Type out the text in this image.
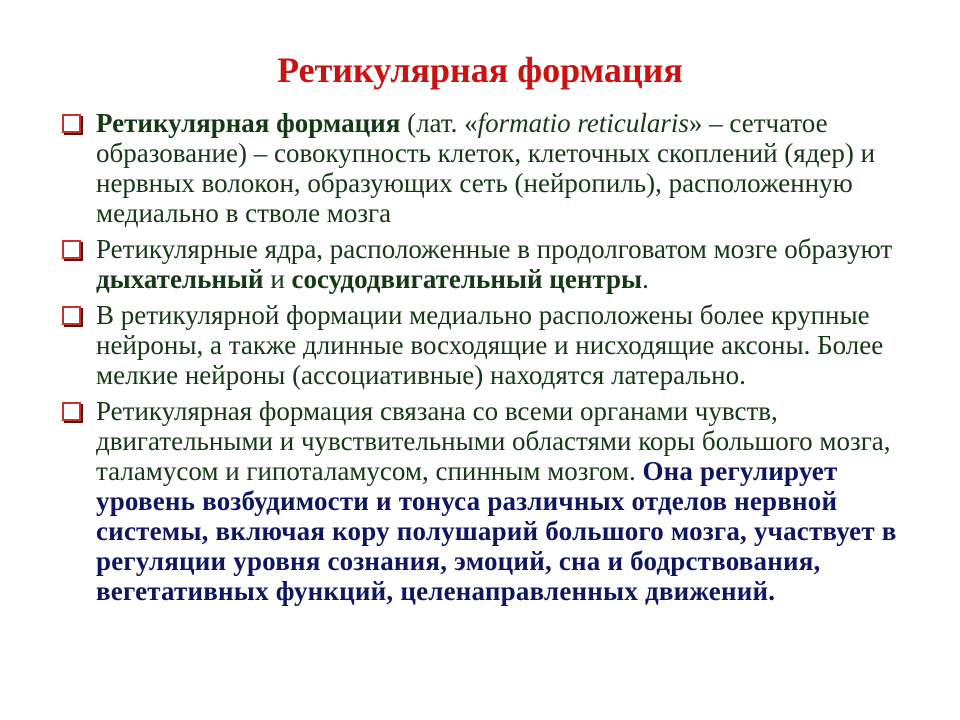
Ретикулярная формация
Ретикулярная формация (лат. «formatio reticularis» – сетчатое образование) – совокупность клеток, клеточных скоплений (ядер) и нервных волокон, образующих сеть (нейропиль), расположенную медиально в стволе мозга
Ретикулярные ядра, расположенные в продолговатом мозге образуют дыхательный и сосудодвигательный центры.
В ретикулярной формации медиально расположены более крупные нейроны, а также длинные восходящие и нисходящие аксоны. Более мелкие нейроны (ассоциативные) находятся латерально.
Ретикулярная формация связана со всеми органами чувств, двигательными и чувствительными областями коры большого мозга, таламусом и гипоталамусом, спинным мозгом. Она регулирует уровень возбудимости и тонуса различных отделов нервной системы, включая кору полушарий большого мозга, участвует в регуляции уровня сознания, эмоций, сна и бодрствования, вегетативных функций, целенаправленных движений.
